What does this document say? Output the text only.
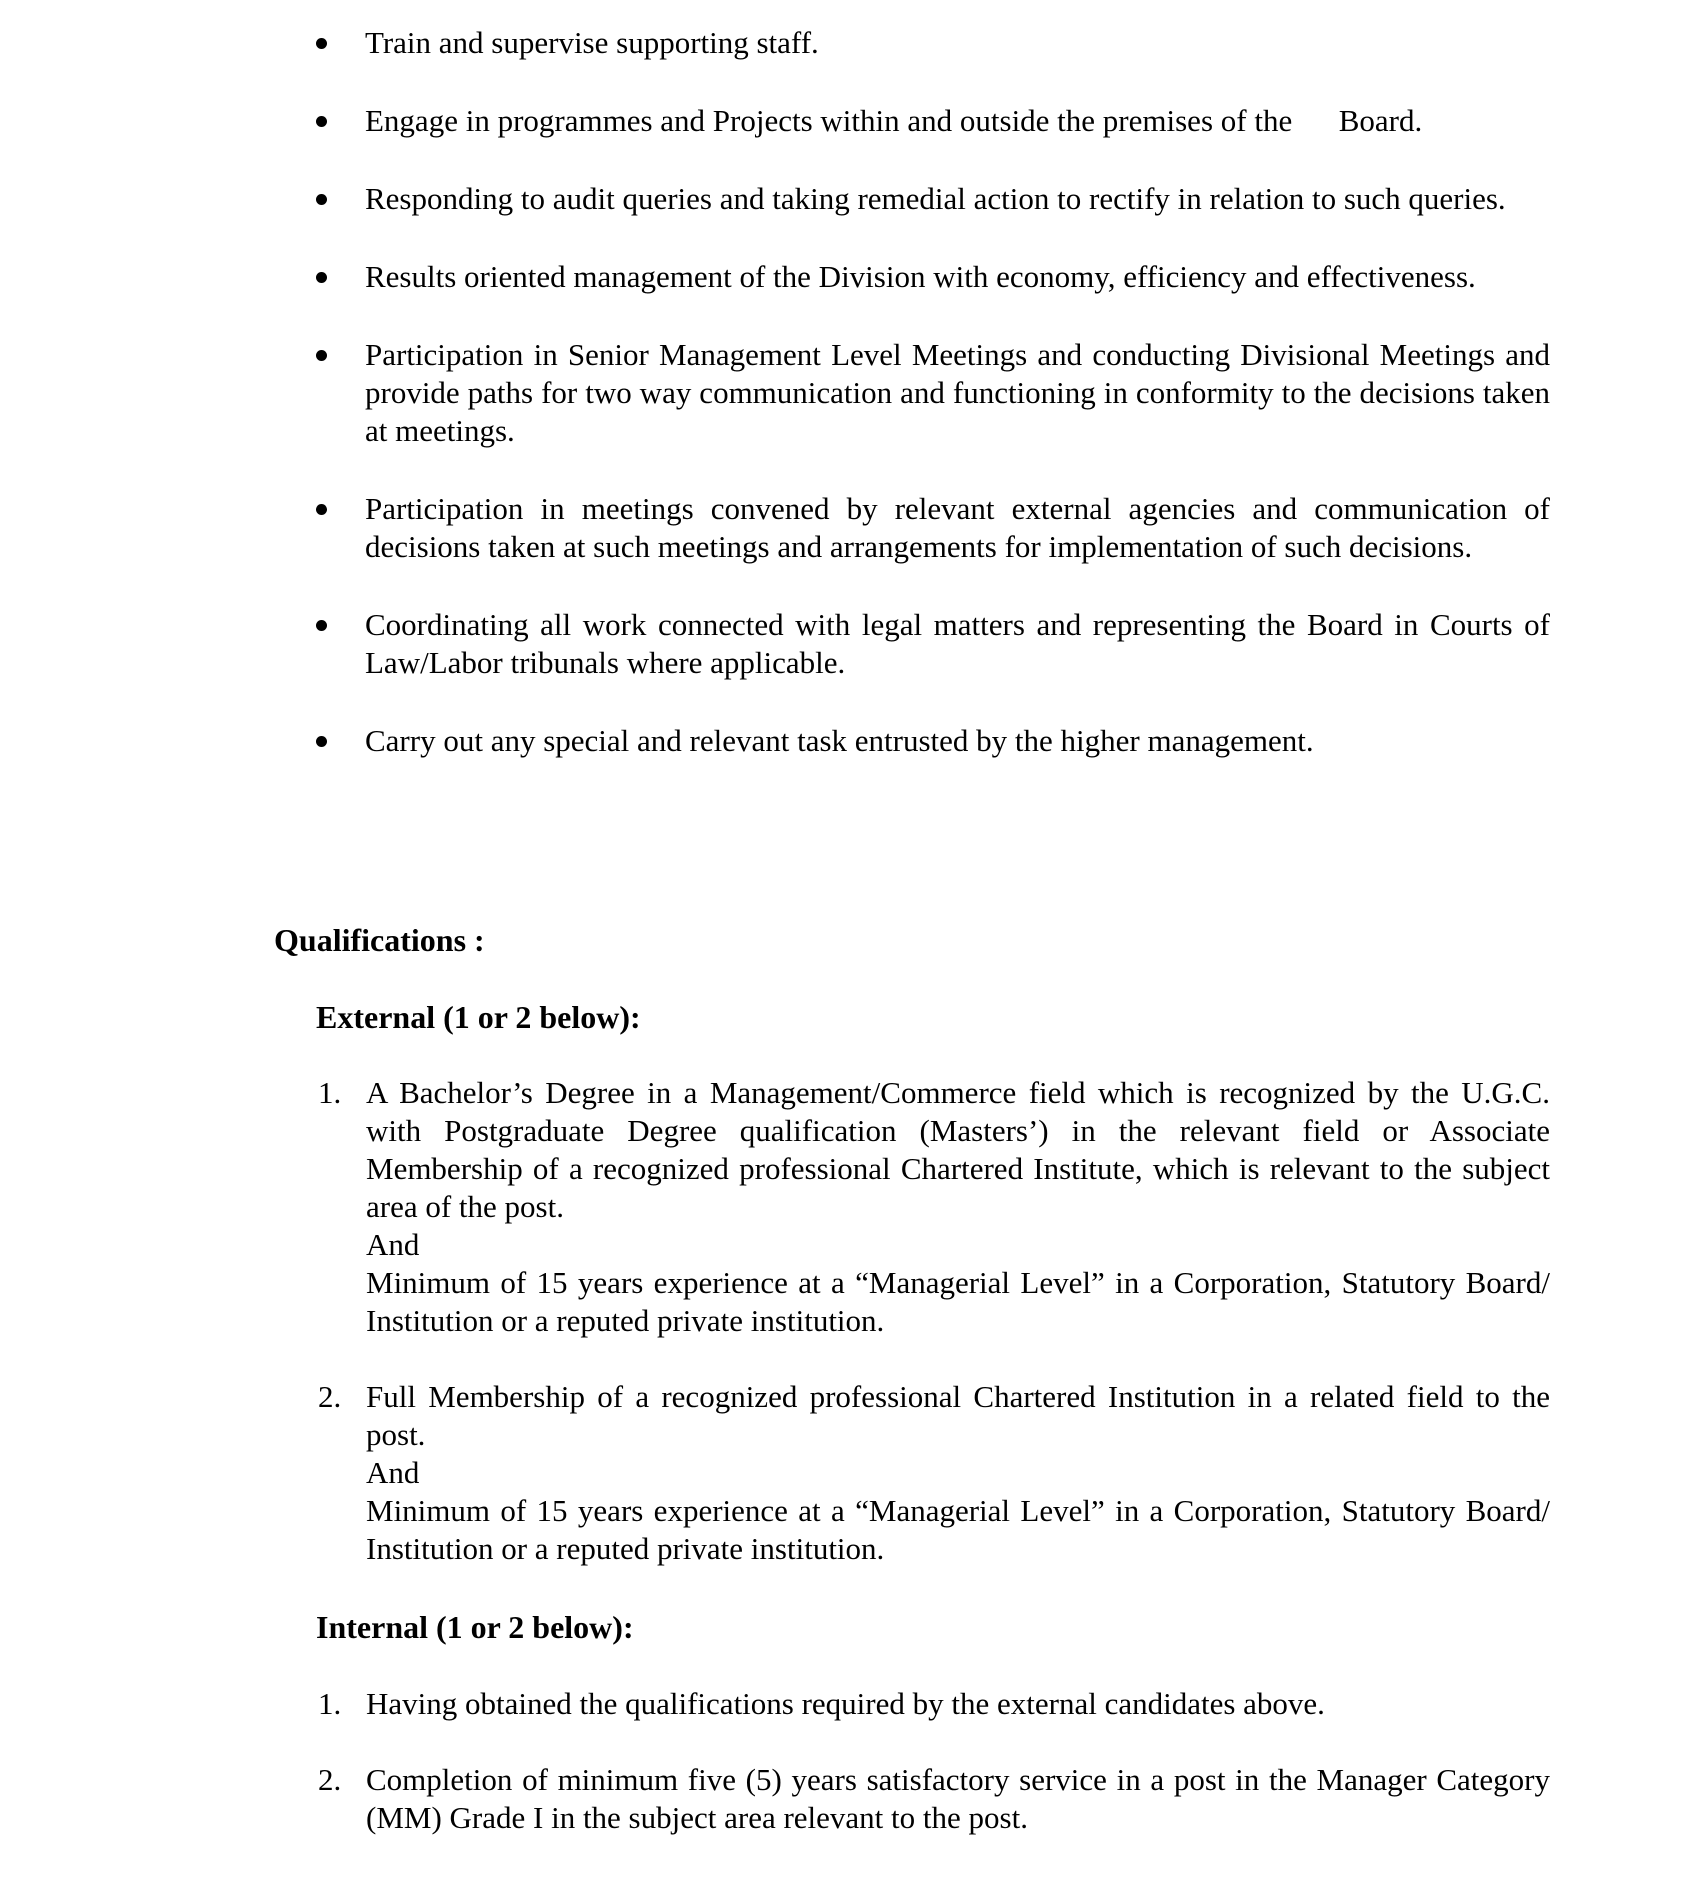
Train and supervise supporting staff.
Engage in programmes and Projects within and outside the premises of the      Board.
Responding to audit queries and taking remedial action to rectify in relation to such queries.
Results oriented management of the Division with economy, efficiency and effectiveness.
Participation in Senior Management Level Meetings and conducting Divisional Meetings and provide paths for two way communication and functioning in conformity to the decisions taken at meetings.
Participation in meetings convened by relevant external agencies and communication of decisions taken at such meetings and arrangements for implementation of such decisions.
Coordinating all work connected with legal matters and representing the Board in Courts of Law/Labor tribunals where applicable.
Carry out any special and relevant task entrusted by the higher management.
Qualifications :
External (1 or 2 below):
1. A Bachelor’s Degree in a Management/Commerce field which is recognized by the U.G.C. with Postgraduate Degree qualification (Masters’) in the relevant field or Associate Membership of a recognized professional Chartered Institute, which is relevant to the subject area of the post.
And
Minimum of 15 years experience at a “Managerial Level” in a Corporation, Statutory Board/ Institution or a reputed private institution.
2. Full Membership of a recognized professional Chartered Institution in a related field to the post.
And
Minimum of 15 years experience at a “Managerial Level” in a Corporation, Statutory Board/ Institution or a reputed private institution.
Internal (1 or 2 below):
1. Having obtained the qualifications required by the external candidates above.
2. Completion of minimum five (5) years satisfactory service in a post in the Manager Category  (MM) Grade I in the subject area relevant to the post.
